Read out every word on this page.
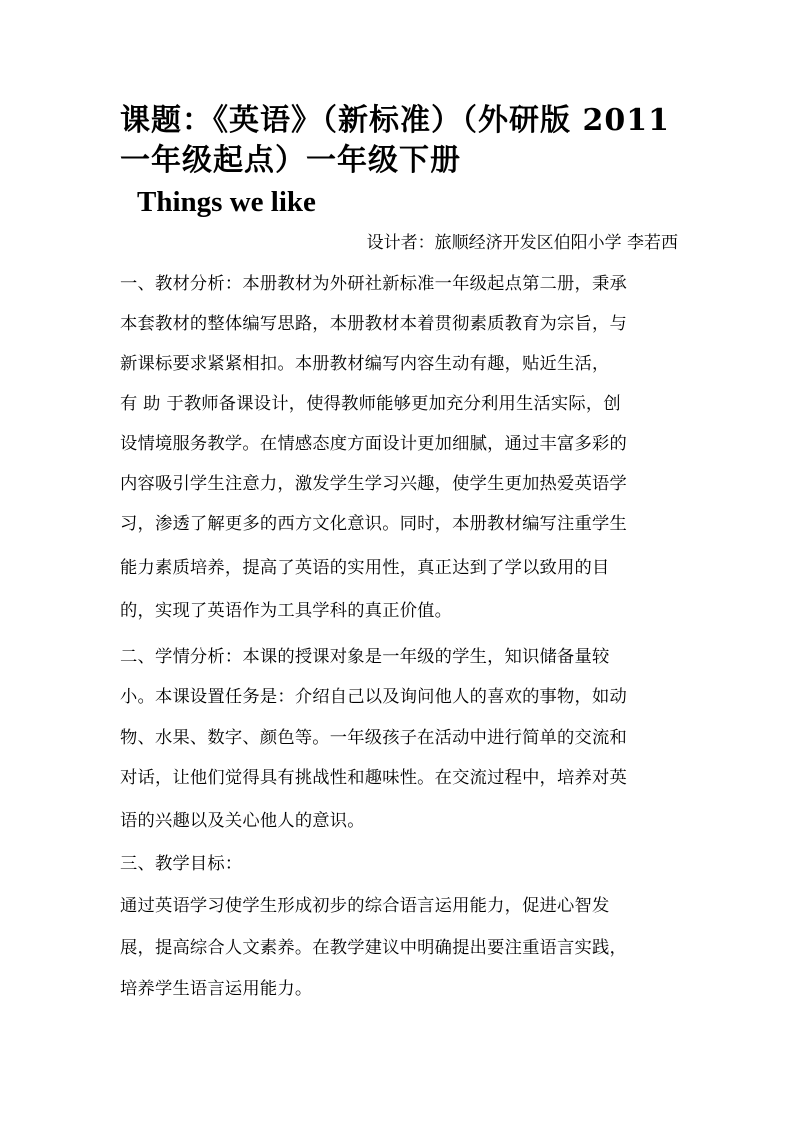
课题：《英语》（新标准）（外研版 2011
一年级起点）一年级下册
Things we like
设计者：旅顺经济开发区伯阳小学 李若西
一、教材分析：本册教材为外研社新标准一年级起点第二册，秉承
本套教材的整体编写思路，本册教材本着贯彻素质教育为宗旨，与
新课标要求紧紧相扣。本册教材编写内容生动有趣，贴近生活，
有 助 于教师备课设计，使得教师能够更加充分利用生活实际，创
设情境服务教学。在情感态度方面设计更加细腻，通过丰富多彩的
内容吸引学生注意力，激发学生学习兴趣，使学生更加热爱英语学
习，渗透了解更多的西方文化意识。同时，本册教材编写注重学生
能力素质培养，提高了英语的实用性，真正达到了学以致用的目
的，实现了英语作为工具学科的真正价值。
二、学情分析：本课的授课对象是一年级的学生，知识储备量较
小。本课设置任务是：介绍自己以及询问他人的喜欢的事物，如动
物、水果、数字、颜色等。一年级孩子在活动中进行简单的交流和
对话，让他们觉得具有挑战性和趣味性。在交流过程中，培养对英
语的兴趣以及关心他人的意识。
三、教学目标：
通过英语学习使学生形成初步的综合语言运用能力，促进心智发
展，提高综合人文素养。在教学建议中明确提出要注重语言实践，
培养学生语言运用能力。
